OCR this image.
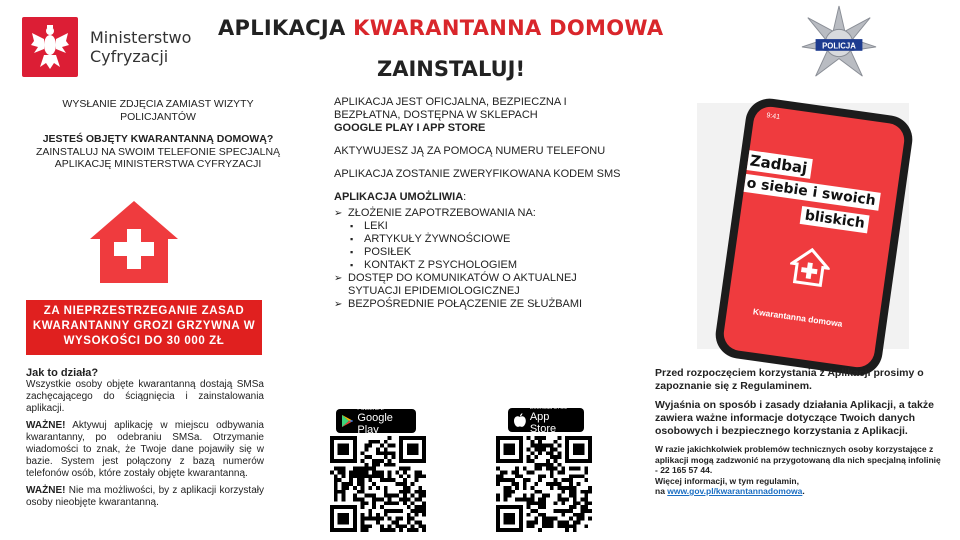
Ministerstwo
Cyfryzacji
APLIKACJA KWARANTANNA DOMOWA
ZAINSTALUJ!
POLICJA
WYSŁANIE ZDJĘCIA ZAMIAST WIZYTY POLICJANTÓW
JESTEŚ OBJĘTY KWARANTANNĄ DOMOWĄ?
ZAINSTALUJ NA SWOIM TELEFONIE SPECJALNĄ APLIKACJĘ MINISTERSTWA CYFRYZACJI
ZA NIEPRZESTRZEGANIE ZASAD KWARANTANNY GROZI GRZYWNA W WYSOKOŚCI DO 30 000 ZŁ
Jak to działa?

Wszystkie osoby objęte kwarantanną dostają SMSa zachęcającego do ściągnięcia i zainstalowania aplikacji.

WAŻNE! Aktywuj aplikację w miejscu odbywania kwarantanny, po odebraniu SMSa. Otrzymanie wiadomości to znak, że Twoje dane pojawiły się w bazie. System jest połączony z bazą numerów telefonów osób, które zostały objęte kwarantanną.

WAŻNE! Nie ma możliwości, by z aplikacji korzystały osoby nieobjęte kwarantanną.

APLIKACJA JEST OFICJALNA, BEZPIECZNA I BEZPŁATNA, DOSTĘPNA W SKLEPACH
GOOGLE PLAY I APP STORE

AKTYWUJESZ JĄ ZA POMOCĄ NUMERU TELEFONU

APLIKACJA ZOSTANIE ZWERYFIKOWANA KODEM SMS

APLIKACJA UMOŻLIWIA:

➢ ZŁOŻENIE ZAPOTRZEBOWANIA NA:
▪ LEKI
▪ ARTYKUŁY ŻYWNOŚCIOWE
▪ POSIŁEK
▪ KONTAKT Z PSYCHOLOGIEM
➢ DOSTĘP DO KOMUNIKATÓW O AKTUALNEJ SYTUACJI EPIDEMIOLOGICZNEJ
➢ BEZPOŚREDNIE POŁĄCZENIE ZE SŁUŻBAMI
POBIERZ Z
Google Play
Download on the
App Store
9:41
Zadbaj
o siebie i swoich
bliskich
Kwarantanna domowa

Przed rozpoczęciem korzystania z Aplikacji prosimy o zapoznanie się z Regulaminem.

Wyjaśnia on sposób i zasady działania Aplikacji, a także zawiera ważne informacje dotyczące Twoich danych osobowych i bezpiecznego korzystania z Aplikacji.

W razie jakichkolwiek problemów technicznych osoby korzystające z aplikacji mogą zadzwonić na przygotowaną dla nich specjalną infolinię - 22 165 57 44.
Więcej informacji, w tym regulamin,
na www.gov.pl/kwarantannadomowa.
